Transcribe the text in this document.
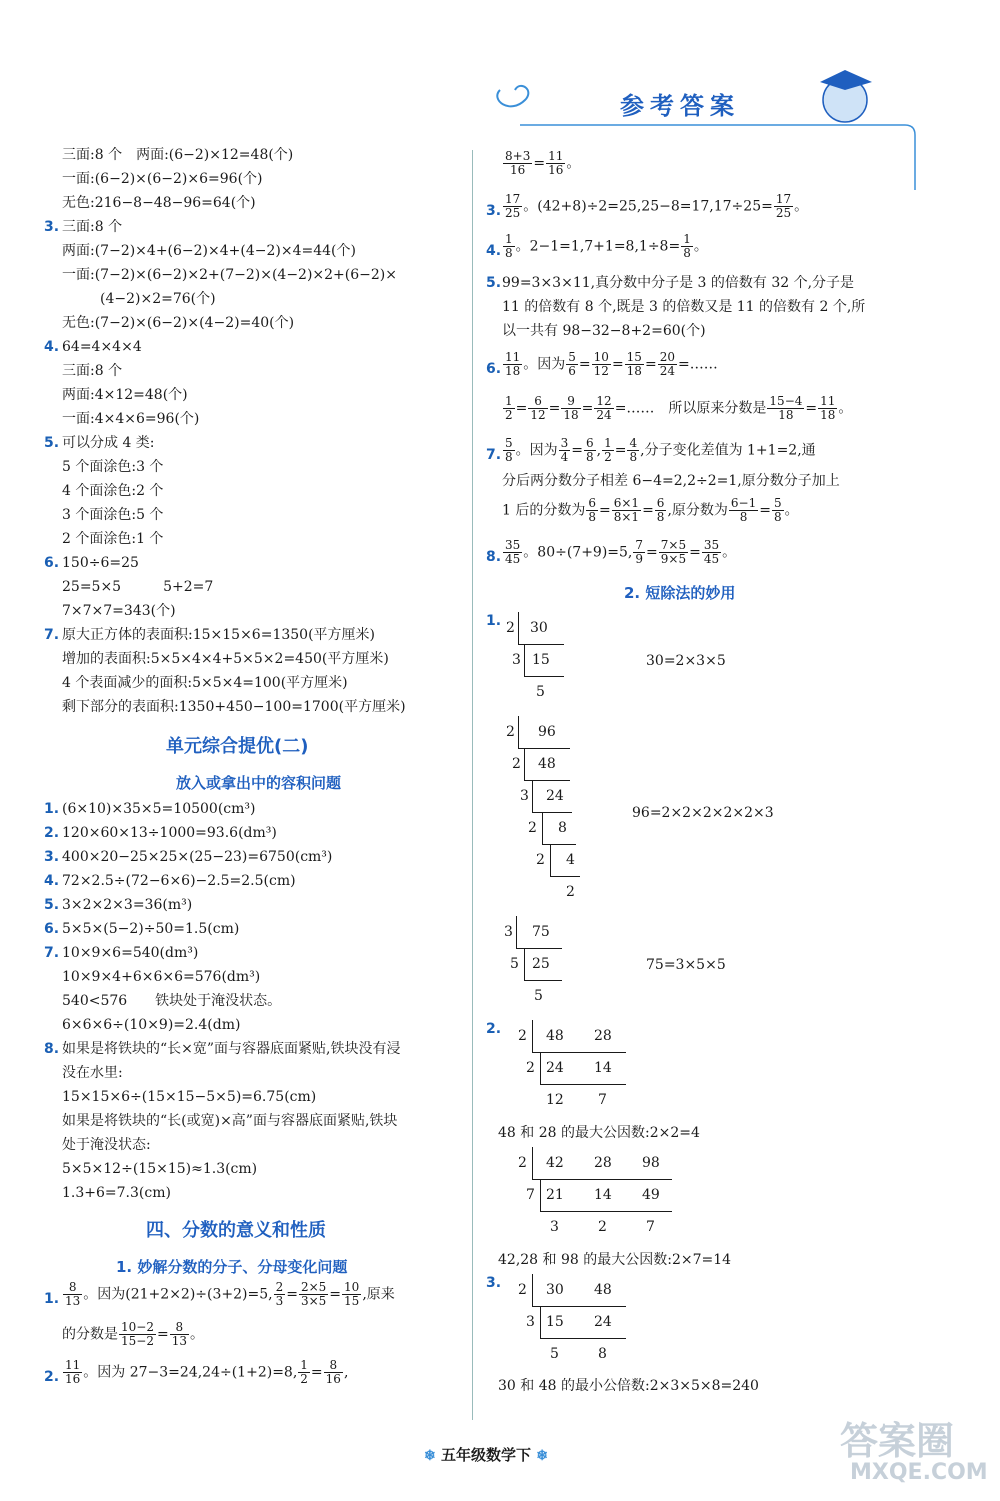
参考答案
三面:8 个　两面:(6−2)×12=48(个)
一面:(6−2)×(6−2)×6=96(个)
无色:216−8−48−96=64(个)
3. 三面:8 个
两面:(7−2)×4+(6−2)×4+(4−2)×4=44(个)
一面:(7−2)×(6−2)×2+(7−2)×(4−2)×2+(6−2)×
(4−2)×2=76(个)
无色:(7−2)×(6−2)×(4−2)=40(个)
4. 64=4×4×4
三面:8 个
两面:4×12=48(个)
一面:4×4×6=96(个)
5. 可以分成 4 类:
5 个面涂色:3 个
4 个面涂色:2 个
3 个面涂色:5 个
2 个面涂色:1 个
6. 150÷6=25
25=5×5　　　5+2=7
7×7×7=343(个)
7. 原大正方体的表面积:15×15×6=1350(平方厘米)
增加的表面积:5×5×4×4+5×5×2=450(平方厘米)
4 个表面减少的面积:5×5×4=100(平方厘米)
剩下部分的表面积:1350+450−100=1700(平方厘米)
单元综合提优(二)
放入或拿出中的容积问题
1. (6×10)×35×5=10500(cm³)
2. 120×60×13÷1000=93.6(dm³)
3. 400×20−25×25×(25−23)=6750(cm³)
4. 72×2.5÷(72−6×6)−2.5=2.5(cm)
5. 3×2×2×3=36(m³)
6. 5×5×(5−2)÷50=1.5(cm)
7. 10×9×6=540(dm³)
10×9×4+6×6×6=576(dm³)
540<576　　铁块处于淹没状态。
6×6×6÷(10×9)=2.4(dm)
8. 如果是将铁块的“长×宽”面与容器底面紧贴,铁块没有浸
没在水里:
15×15×6÷(15×15−5×5)=6.75(cm)
如果是将铁块的“长(或宽)×高”面与容器底面紧贴,铁块
处于淹没状态:
5×5×12÷(15×15)≈1.3(cm)
1.3+6=7.3(cm)
四、分数的意义和性质
1. 妙解分数的分子、分母变化问题
1. $\frac{8}{13}$ 。因为(21+2×2)÷(3+2)=5, $\frac{2}{3} = \frac{2\times 5}{3\times 5} = \frac{10}{15}$ ,原来
的分数是 $\frac{10-2}{15-2} = \frac{8}{13}$ 。
2. $\frac{11}{16}$ 。因为 27−3=24,24÷(1+2)=8, $\frac{1}{2} = \frac{8}{16}$ ,
$\frac{8+3}{16} = \frac{11}{16}$ 。
3. $\frac{17}{25}$ 。$(42+8)\div 2=25,25-8=17,17\div 25= \frac{17}{25}$ 。
4. $\frac{1}{8}$ 。$2-1=1,7+1=8,1\div 8= \frac{1}{8}$ 。
5. 99=3×3×11,真分数中分子是 3 的倍数有 32 个,分子是
11 的倍数有 8 个,既是 3 的倍数又是 11 的倍数有 2 个,所
以一共有 98−32−8+2=60(个)
6. $\frac{11}{18}$ 。因为 $\frac{5}{6} = \frac{10}{12} = \frac{15}{18} = \frac{20}{24}$ =……
$\frac{1}{2} = \frac{6}{12} = \frac{9}{18} = \frac{12}{24}$ =……　所以原来分数是 $\frac{15-4}{18} = \frac{11}{18}$ 。
7. $\frac{5}{8}$ 。因为 $\frac{3}{4} = \frac{6}{8}$ , $\frac{1}{2} = \frac{4}{8}$ ,分子变化差值为 1+1=2,通
分后两分数分子相差 6−4=2,2÷2=1,原分数分子加上
1 后的分数为 $\frac{6}{8} = \frac{6\times 1}{8\times 1} = \frac{6}{8}$ ,原分数为 $\frac{6-1}{8} = \frac{5}{8}$ 。
8. $\frac{35}{45}$ 。80÷(7+9)=5, $\frac{7}{9} = \frac{7\times 5}{9\times 5} = \frac{35}{45}$ 。
2. 短除法的妙用
1. 2 30
3 15
5
30=2×3×5
2 96
2 48
3 24
2 8
2 4
2
96=2×2×2×2×2×3
3 75
5 25
5
75=3×5×5
2. 2 48 28
2 24 14
12 7
48 和 28 的最大公因数:2×2=4
2 42 28 98
7 21 14 49
3	2	7
42,28 和 98 的最大公因数:2×7=14
3. 2 30 48
3 15 24
5	8
30 和 48 的最小公倍数:2×3×5×8=240
❄ 五年级数学下 ❄	答案圈
MXQE.COM
